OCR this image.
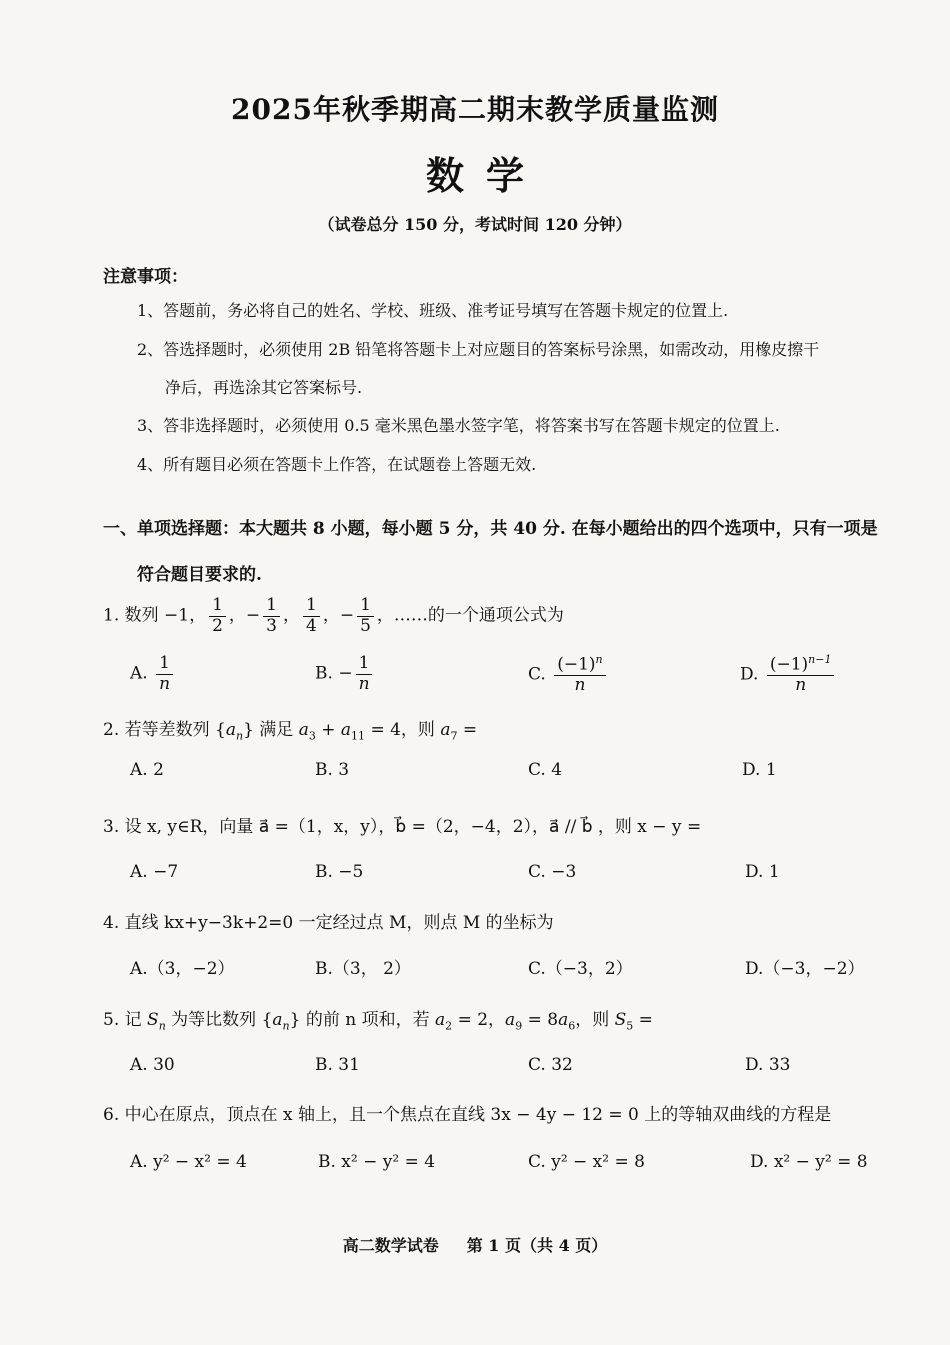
2025年秋季期高二期末教学质量监测
数学
（试卷总分 150 分，考试时间 120 分钟）
注意事项：
1、答题前，务必将自己的姓名、学校、班级、准考证号填写在答题卡规定的位置上.
2、答选择题时，必须使用 2B 铅笔将答题卡上对应题目的答案标号涂黑，如需改动，用橡皮擦干
净后，再选涂其它答案标号.
3、答非选择题时，必须使用 0.5 毫米黑色墨水签字笔，将答案书写在答题卡规定的位置上.
4、所有题目必须在答题卡上作答，在试题卷上答题无效.
一、单项选择题：本大题共 8 小题，每小题 5 分，共 40 分. 在每小题给出的四个选项中，只有一项是
符合题目要求的.
1. 数列 −1， $\frac{1}{2}$ ，− $\frac{1}{3}$ ， $\frac{1}{4}$ ，− $\frac{1}{5}$ ，……的一个通项公式为
A. $\frac{1}{n}$	B. − $\frac{1}{n}$	C. $\frac{(-1)^n}{n}$	D. $\frac{(-1)^{n-1}}{n}$
2. 若等差数列 $\{a_n\}$ 满足 $a_3 + a_{11} = 4$，则 $a_7$ =
A. 2	B. 3	C. 4	D. 1
3. 设 x, y∈R，向量 a⃗ =（1，x，y），b⃗ =（2，−4，2），a⃗ // b⃗ ，则 x − y =
A. −7	B. −5	C. −3	D. 1
4. 直线 kx+y−3k+2=0 一定经过点 M，则点 M 的坐标为
A.（3，−2）	B.（3， 2）	C.（−3，2）	D.（−3，−2）
5. 记 $S_n$ 为等比数列 $\{a_n\}$ 的前 n 项和，若 $a_2 = 2$，$a_9 = 8a_6$，则 $S_5$ =
A. 30	B. 31	C. 32	D. 33
6. 中心在原点，顶点在 x 轴上，且一个焦点在直线 3x − 4y − 12 = 0 上的等轴双曲线的方程是
A. y² − x² = 4	B. x² − y² = 4	C. y² − x² = 8	D. x² − y² = 8
高二数学试卷 第 1 页（共 4 页）
